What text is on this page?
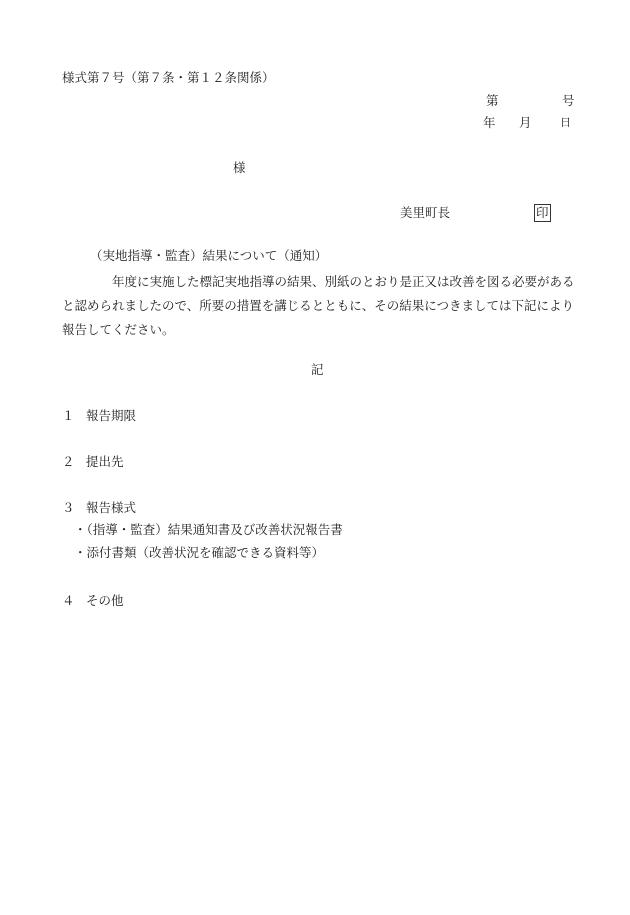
様式第７号（第７条・第１２条関係）
第	号
年 月	日
様
美里町長	印
（実地指導・監査）結果について（通知）
年度に実施した標記実地指導の結果、別紙のとおり是正又は改善を図る必要があると認められましたので、所要の措置を講じるとともに、その結果につきましては下記により報告してください。
記
１ 報告期限
２ 提出先
３ 報告様式
・（指導・監査）結果通知書及び改善状況報告書
・添付書類（改善状況を確認できる資料等）
４ その他
